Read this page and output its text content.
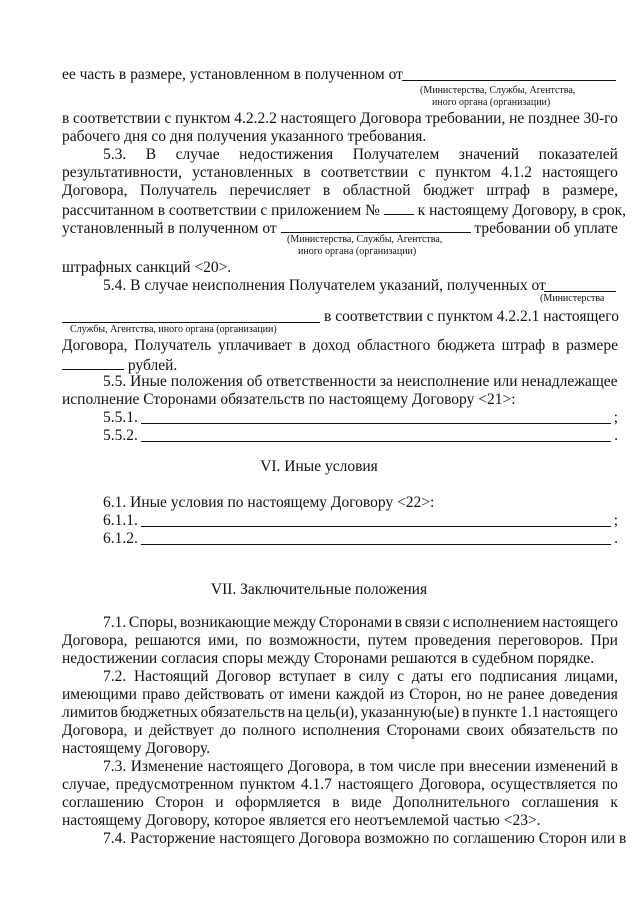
ее часть в размере, установленном в полученном от
(Министерства, Службы, Агентства,
иного органа (организации)
в соответствии с пунктом 4.2.2.2 настоящего Договора требовании, не позднее 30-го
рабочего дня со дня получения указанного требования.
5.3. В случае недостижения Получателем значений показателей
результативности, установленных в соответствии с пунктом 4.1.2 настоящего
Договора, Получатель перечисляет в областной бюджет штраф в размере,
рассчитанном в соответствии с приложением № к настоящему Договору, в срок,
установленный в полученном от	требовании об уплате
(Министерства, Службы, Агентства,
иного органа (организации)
штрафных санкций <20>.
5.4. В случае неисполнения Получателем указаний, полученных от
(Министерства
в соответствии с пунктом 4.2.2.1 настоящего
Службы, Агентства, иного органа (организации)
Договора, Получатель уплачивает в доход областного бюджета штраф в размере
рублей.
5.5. Иные положения об ответственности за неисполнение или ненадлежащее
исполнение Сторонами обязательств по настоящему Договору <21>:
5.5.1.	;
5.5.2.	.
VI. Иные условия
6.1. Иные условия по настоящему Договору <22>:
6.1.1.	;
6.1.2.	.
VII. Заключительные положения
7.1. Споры, возникающие между Сторонами в связи с исполнением настоящего
Договора, решаются ими, по возможности, путем проведения переговоров. При
недостижении согласия споры между Сторонами решаются в судебном порядке.
7.2. Настоящий Договор вступает в силу с даты его подписания лицами,
имеющими право действовать от имени каждой из Сторон, но не ранее доведения
лимитов бюджетных обязательств на цель(и), указанную(ые) в пункте 1.1 настоящего
Договора, и действует до полного исполнения Сторонами своих обязательств по
настоящему Договору.
7.3. Изменение настоящего Договора, в том числе при внесении изменений в
случае, предусмотренном пунктом 4.1.7 настоящего Договора, осуществляется по
соглашению Сторон и оформляется в виде Дополнительного соглашения к
настоящему Договору, которое является его неотъемлемой частью <23>.
7.4. Расторжение настоящего Договора возможно по соглашению Сторон или в
